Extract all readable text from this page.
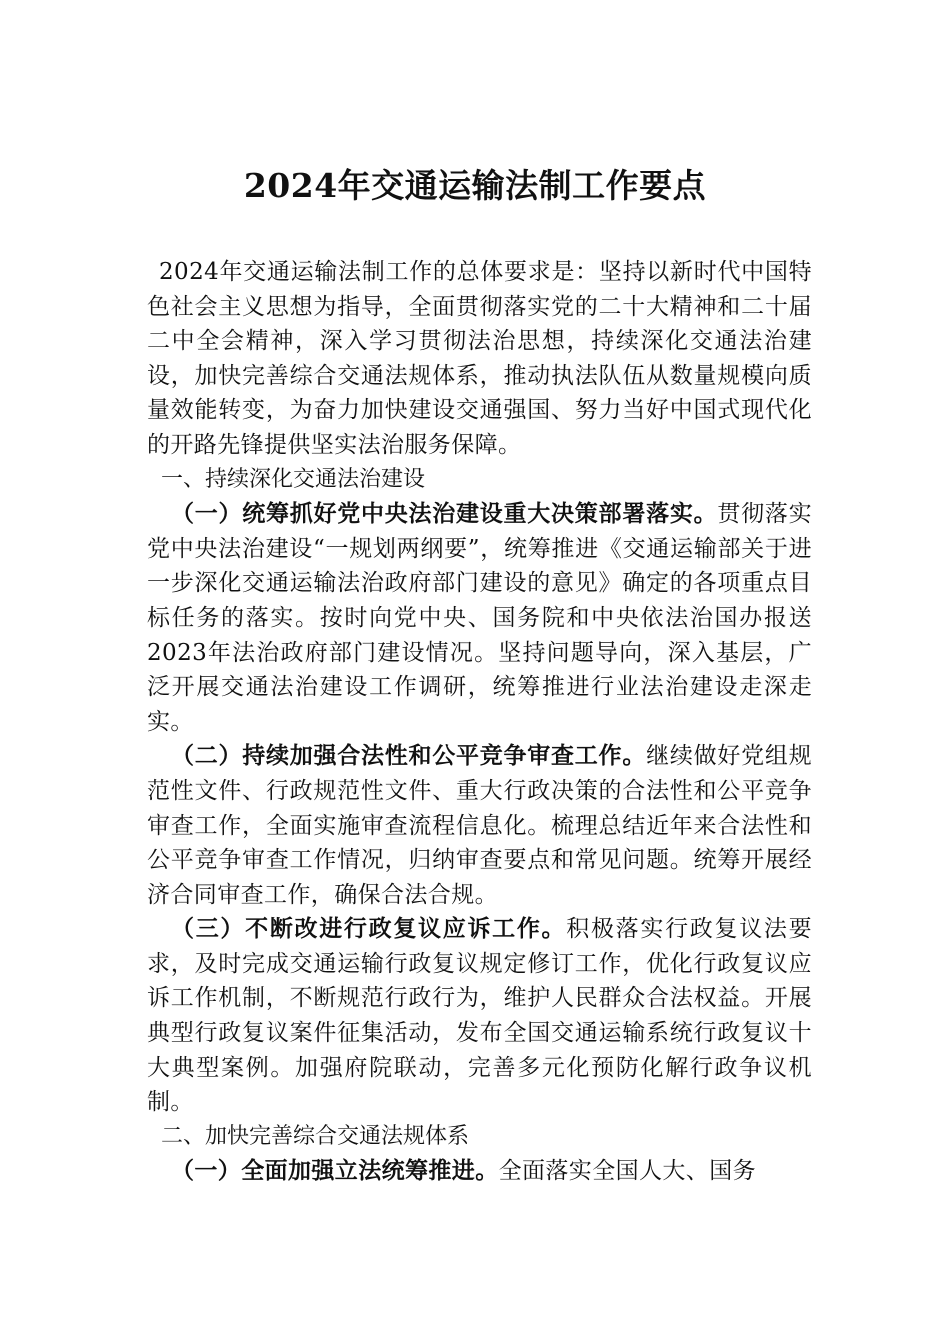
2024年交通运输法制工作要点

2024年交通运输法制工作的总体要求是：坚持以新时代中国特色社会主义思想为指导，全面贯彻落实党的二十大精神和二十届二中全会精神，深入学习贯彻法治思想，持续深化交通法治建设，加快完善综合交通法规体系，推动执法队伍从数量规模向质量效能转变，为奋力加快建设交通强国、努力当好中国式现代化的开路先锋提供坚实法治服务保障。

一、持续深化交通法治建设

（一）统筹抓好党中央法治建设重大决策部署落实。贯彻落实党中央法治建设“一规划两纲要”，统筹推进《交通运输部关于进一步深化交通运输法治政府部门建设的意见》确定的各项重点目标任务的落实。按时向党中央、国务院和中央依法治国办报送2023年法治政府部门建设情况。坚持问题导向，深入基层，广泛开展交通法治建设工作调研，统筹推进行业法治建设走深走实。

（二）持续加强合法性和公平竞争审查工作。继续做好党组规范性文件、行政规范性文件、重大行政决策的合法性和公平竞争审查工作，全面实施审查流程信息化。梳理总结近年来合法性和公平竞争审查工作情况，归纳审查要点和常见问题。统筹开展经济合同审查工作，确保合法合规。

（三）不断改进行政复议应诉工作。积极落实行政复议法要求，及时完成交通运输行政复议规定修订工作，优化行政复议应诉工作机制，不断规范行政行为，维护人民群众合法权益。开展典型行政复议案件征集活动，发布全国交通运输系统行政复议十大典型案例。加强府院联动，完善多元化预防化解行政争议机制。

二、加快完善综合交通法规体系

（一）全面加强立法统筹推进。全面落实全国人大、国务
